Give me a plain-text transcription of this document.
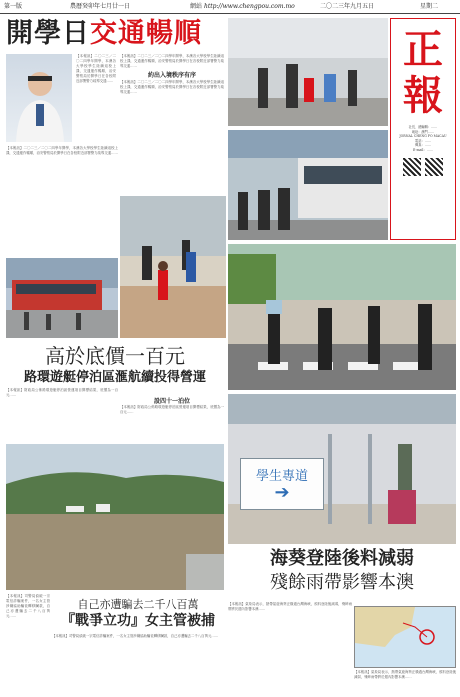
第一版	農曆癸卯年七月廿一日	網站 http://www.chengpou.com.mo	二〇二三年九月五日	星期二
開學日交通暢順
【本報訊】二〇二三／二〇二四學年開學，本澳各大學校學生陸續返校上課，交通運作暢順，治安警察局於開學日在各校附近部署警力疏導交通……
【本報訊】二〇二三／二〇二四學年開學，本澳各大學校學生陸續返校上課，交通運作暢順，治安警察局於開學日在各校附近部署警力疏導交通……
約出入境秩序有序
【本報訊】二〇二三／二〇二四學年開學，本澳各大學校學生陸續返校上課，交通運作暢順，治安警察局於開學日在各校附近部署警力疏導交通……
【本報訊】二〇二三／二〇二四學年開學，本澳各大學校學生陸續返校上課，交通運作暢順，治安警察局於開學日在各校附近部署警力疏導交通……
正
報
社長、總編輯：……
地址：澳門……
JORNAL CHENG PO MACAU
電話：……
傳真：……
E-mail：……
高於底價一百元
路環遊艇停泊區滙航續投得營運
【本報訊】財政局公佈路環遊艇停泊區營運項目開標結果，底價為一百元……
設四十一泊位
【本報訊】財政局公佈路環遊艇停泊區營運項目開標結果，底價為一百元……
學生專道
➔
海葵登陸後料減弱
殘餘雨帶影響本澳
【本報訊】氣象局表示，熱帶氣旋海葵正橫過台灣海峽，預料登陸後減弱，殘餘雨帶將於週內影響本澳……
【本報訊】氣象局表示，熱帶氣旋海葵正橫過台灣海峽，預料登陸後減弱，殘餘雨帶將於週內影響本澳……
【本報訊】司警局偵破一宗電信詐騙案件，一名女主管涉嫌協助騙徒轉移贓款，自己亦遭騙去二千八百萬元……
自己亦遭騙去二千八百萬
『戰爭立功』女主管被捕
【本報訊】司警局偵破一宗電信詐騙案件，一名女主管涉嫌協助騙徒轉移贓款，自己亦遭騙去二千八百萬元……
